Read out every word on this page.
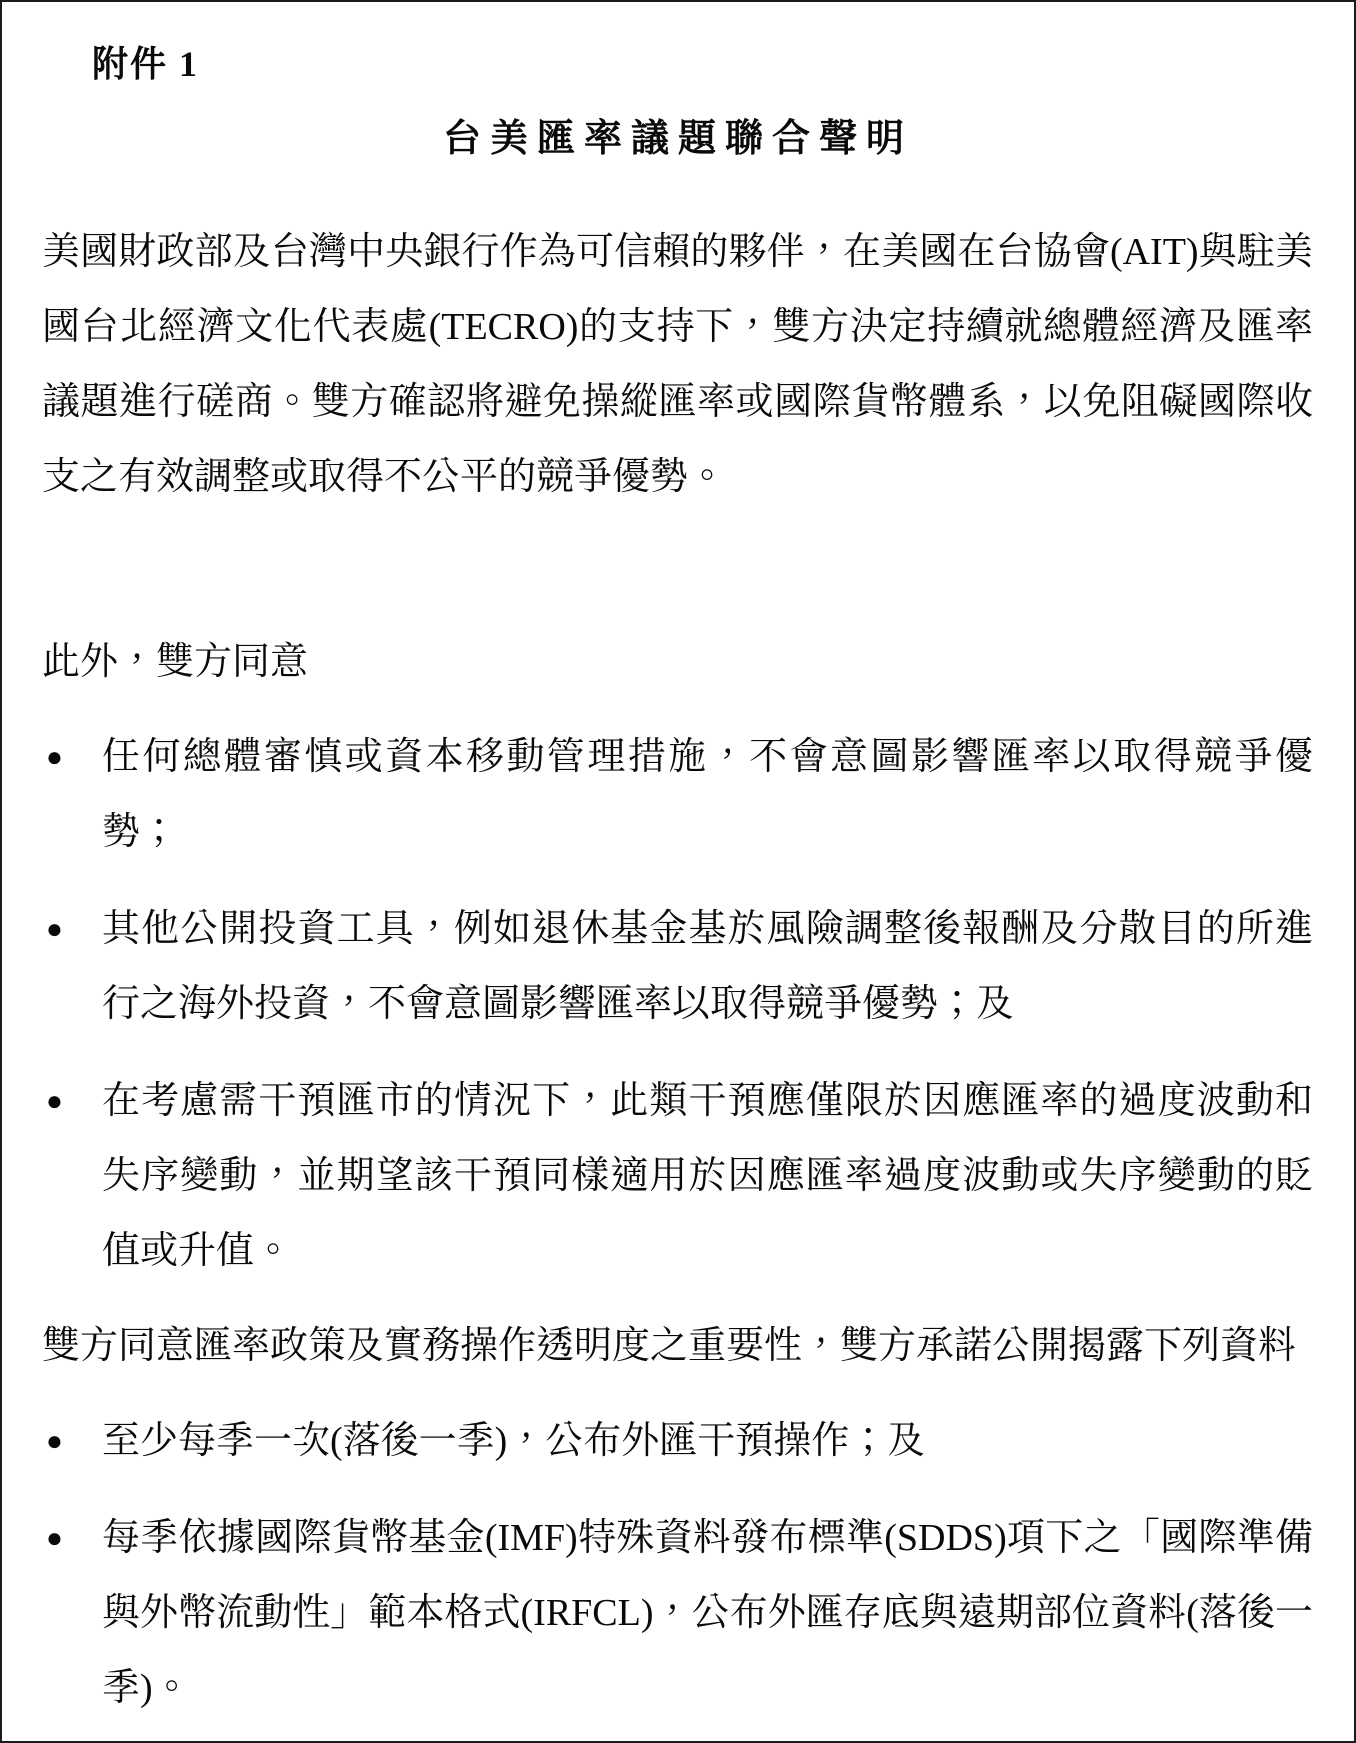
附件 1
台美匯率議題聯合聲明

美國財政部及台灣中央銀行作為可信賴的夥伴，在美國在台協會(AIT)與駐美國台北經濟文化代表處(TECRO)的支持下，雙方決定持續就總體經濟及匯率議題進行磋商。雙方確認將避免操縱匯率或國際貨幣體系，以免阻礙國際收支之有效調整或取得不公平的競爭優勢。

此外，雙方同意

●	任何總體審慎或資本移動管理措施，不會意圖影響匯率以取得競爭優勢；
●	其他公開投資工具，例如退休基金基於風險調整後報酬及分散目的所進行之海外投資，不會意圖影響匯率以取得競爭優勢；及
●	在考慮需干預匯市的情況下，此類干預應僅限於因應匯率的過度波動和失序變動，並期望該干預同樣適用於因應匯率過度波動或失序變動的貶值或升值。

雙方同意匯率政策及實務操作透明度之重要性，雙方承諾公開揭露下列資料

●	至少每季一次(落後一季)，公布外匯干預操作；及
●	每季依據國際貨幣基金(IMF)特殊資料發布標準(SDDS)項下之「國際準備與外幣流動性」範本格式(IRFCL)，公布外匯存底與遠期部位資料(落後一季)。
